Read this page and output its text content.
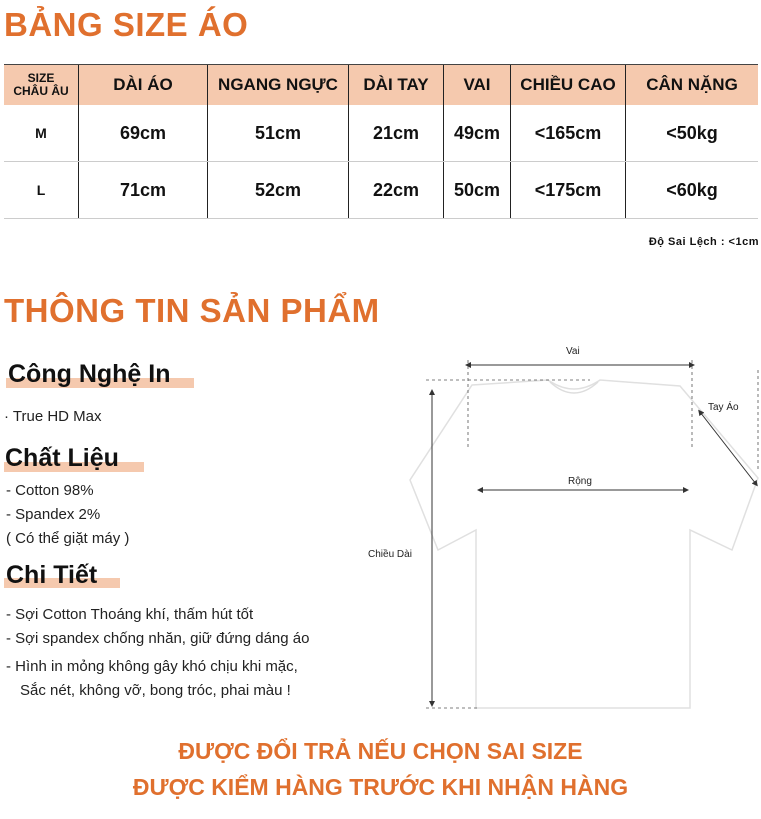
BẢNG SIZE ÁO
SIZE
CHÂU ÂU	DÀI ÁO	NGANG NGỰC	DÀI TAY	VAI	CHIỀU CAO	CÂN NẶNG
M	69cm	51cm	21cm	49cm	<165cm	<50kg
L	71cm	52cm	22cm	50cm	<175cm	<60kg
Độ Sai Lệch : <1cm
THÔNG TIN SẢN PHẨM
Công Nghệ In
· True HD Max
Chất Liệu
- Cotton 98%
- Spandex 2%
( Có thể giặt máy )
Chi Tiết
- Sợi Cotton Thoáng khí, thấm hút tốt
- Sợi spandex chống nhăn, giữ đứng dáng áo
- Hình in mỏng không gây khó chịu khi mặc,
Sắc nét, không vỡ, bong tróc, phai màu !
Vai
Tay Áo
Rộng
Chiều Dài
ĐƯỢC ĐỔI TRẢ NẾU CHỌN SAI SIZE
ĐƯỢC KIỂM HÀNG TRƯỚC KHI NHẬN HÀNG
